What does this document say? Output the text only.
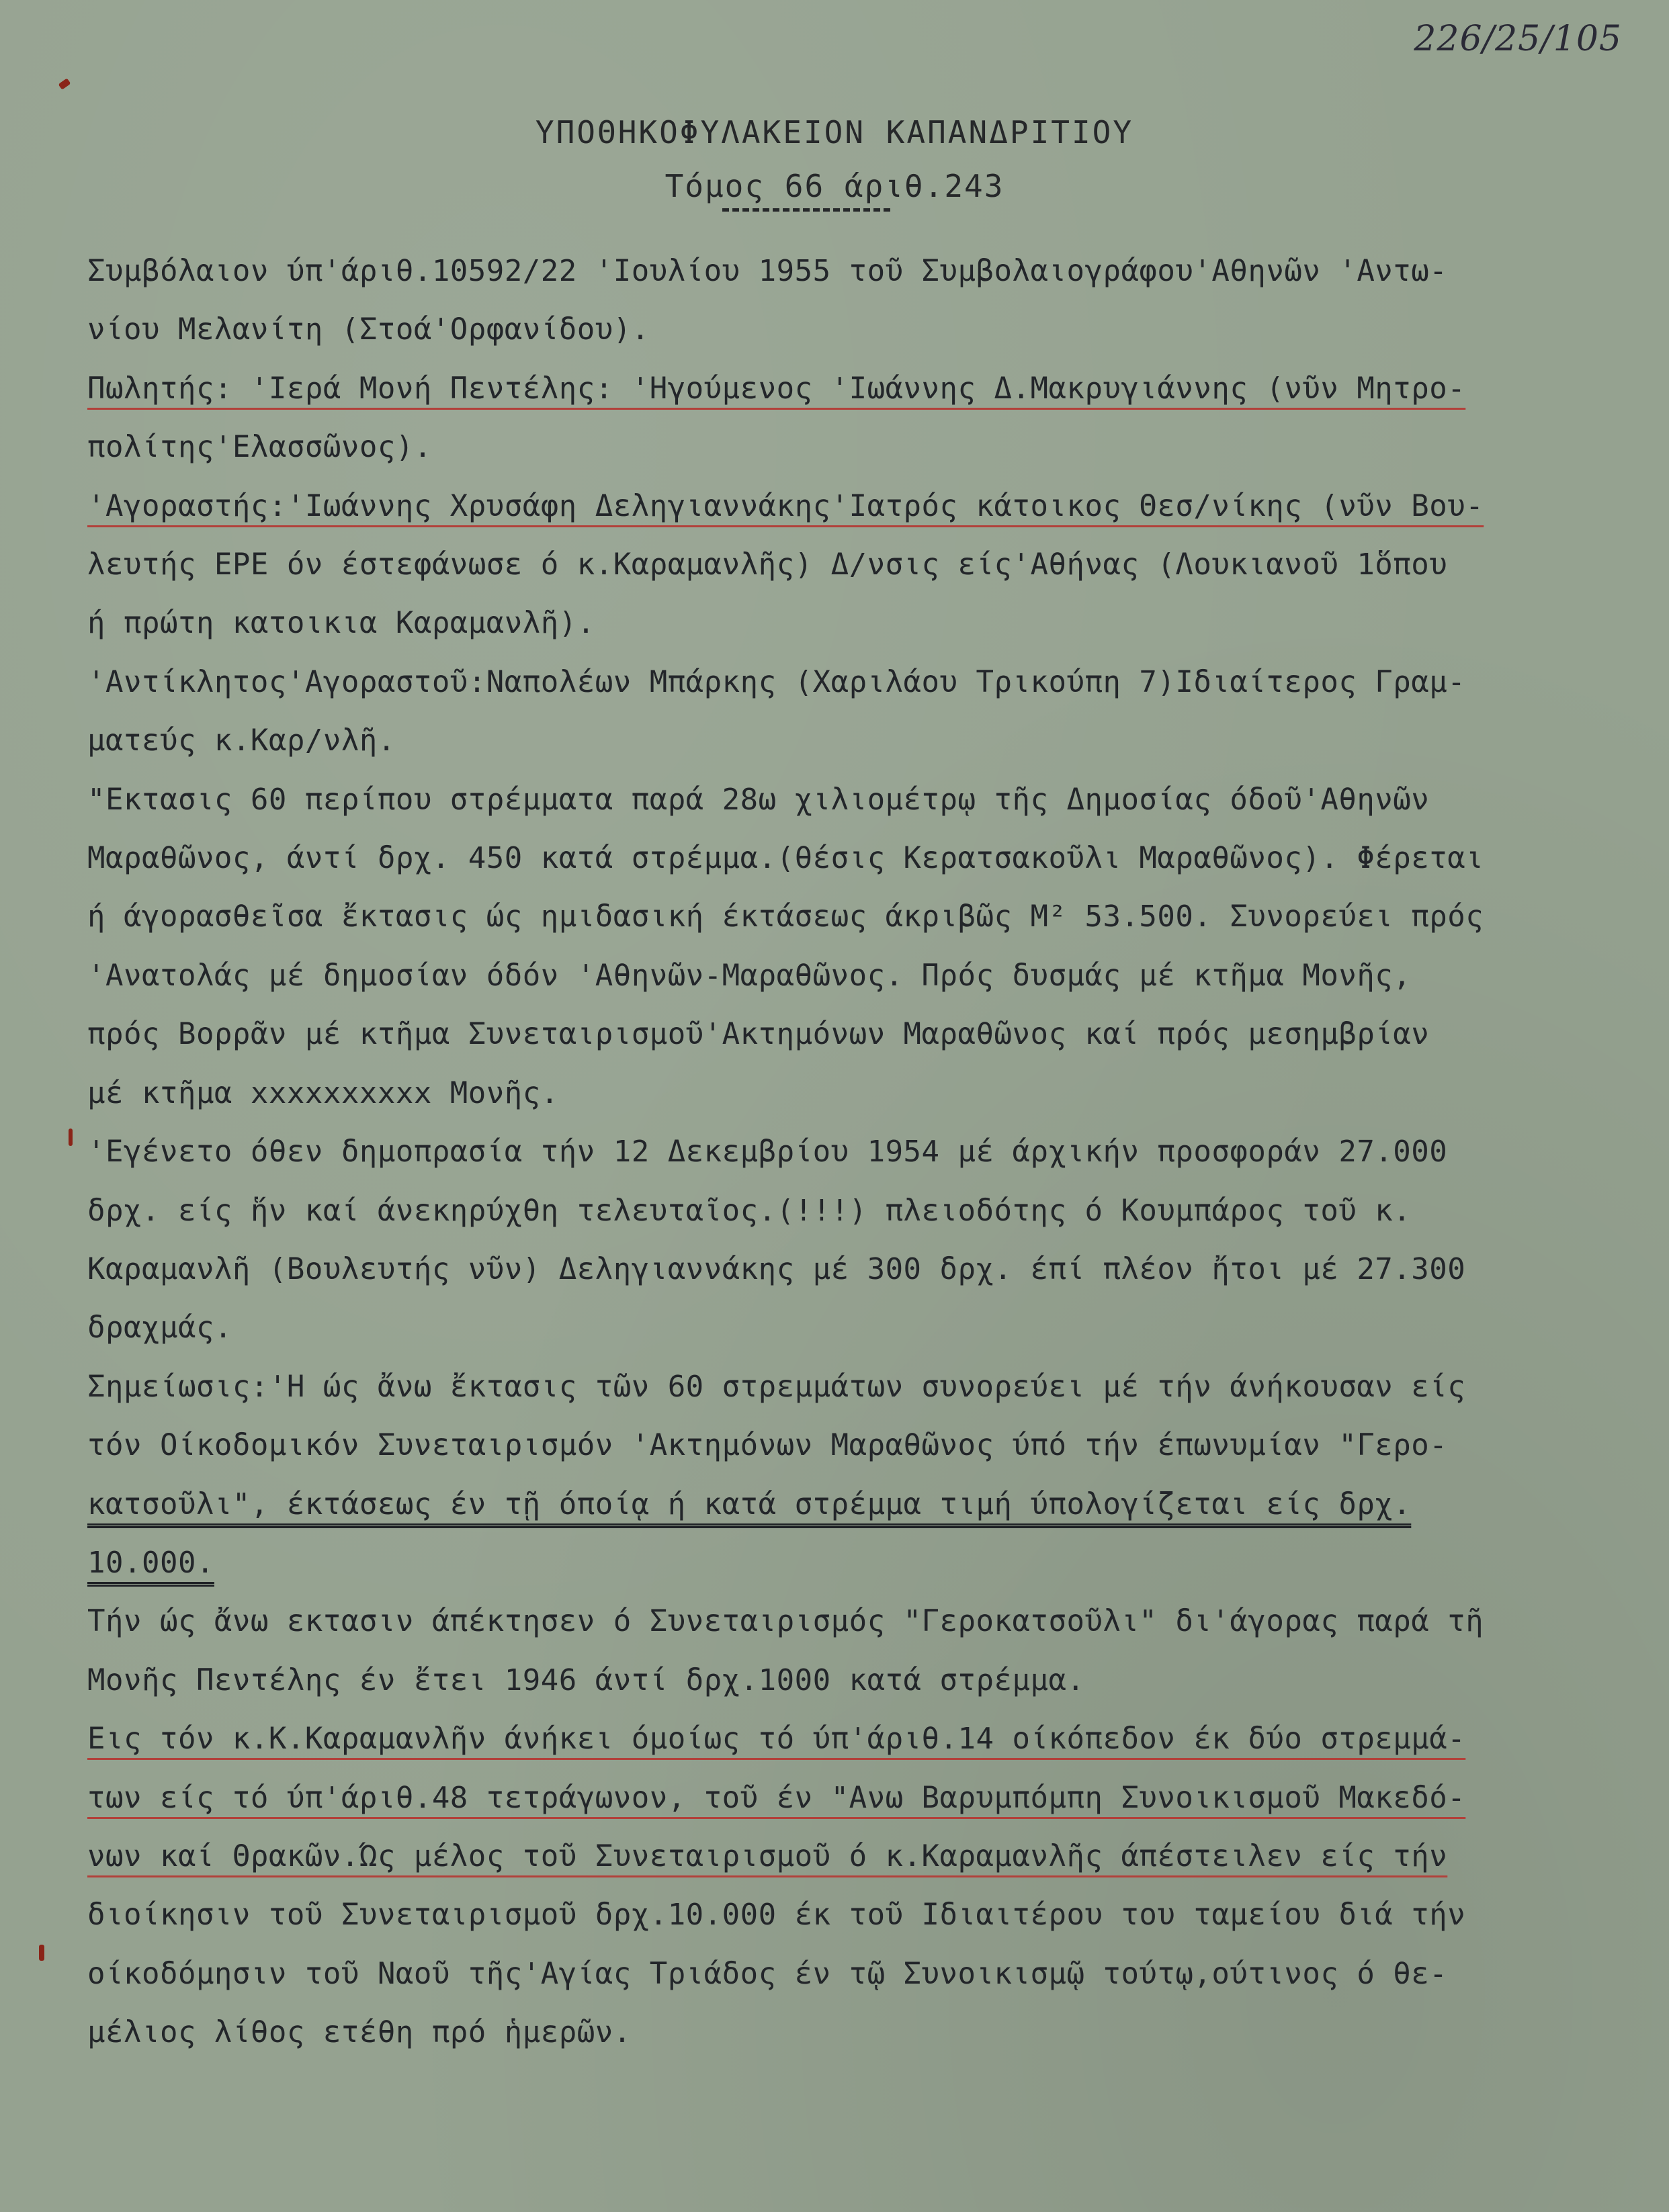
226/25/105
ΥΠΟΘΗΚΟΦΥΛΑΚΕΙΟΝ ΚΑΠΑΝΔΡΙΤΙΟΥ
Τόμος 66 άριθ.243

Συμβόλαιον ύπ'άριθ.10592/22 'Ιουλίου 1955 τοῦ Συμβολαιογράφου'Αθηνῶν 'Αντω-

νίου Μελανίτη (Στοά'Ορφανίδου).

Πωλητής: 'Ιερά Μονή Πεντέλης: 'Ηγούμενος 'Ιωάννης Δ.Μακρυγιάννης (νῦν Μητρο-

πολίτης'Ελασσῶνος).

'Αγοραστής:'Ιωάννης Χρυσάφη Δεληγιαννάκης'Ιατρός κάτοικος Θεσ/νίκης (νῦν Βου-

λευτής ΕΡΕ όν έστεφάνωσε ό κ.Καραμανλῆς) Δ/νσις είς'Αθήνας (Λουκιανοῦ 1ὅπου

ή πρώτη κατοικια Καραμανλῆ).

'Αντίκλητος'Αγοραστοῦ:Ναπολέων Μπάρκης (Χαριλάου Τρικούπη 7)Ιδιαίτερος Γραμ-

ματεύς κ.Καρ/νλῆ.

"Εκτασις 60 περίπου στρέμματα παρά 28ω χιλιομέτρῳ τῆς Δημοσίας όδοῦ'Αθηνῶν

Μαραθῶνος, άντί δρχ. 450 κατά στρέμμα.(θέσις Κερατσακοῦλι Μαραθῶνος). Φέρεται

ή άγορασθεῖσα ἔκτασις ώς ημιδασική έκτάσεως άκριβῶς Μ² 53.500. Συνορεύει πρός

'Ανατολάς μέ δημοσίαν όδόν 'Αθηνῶν-Μαραθῶνος. Πρός δυσμάς μέ κτῆμα Μονῆς,

πρός Βορρᾶν μέ κτῆμα Συνεταιρισμοῦ'Ακτημόνων Μαραθῶνος καί πρός μεσημβρίαν

μέ κτῆμα xxxxxxxxxx Μονῆς.

'Εγένετο όθεν δημοπρασία τήν 12 Δεκεμβρίου 1954 μέ άρχικήν προσφοράν 27.000

δρχ. είς ἥν καί άνεκηρύχθη τελευταῖος.(!!!) πλειοδότης ό Κουμπάρος τοῦ κ.

Καραμανλῆ (Βουλευτής νῦν) Δεληγιαννάκης μέ 300 δρχ. έπί πλέον ἤτοι μέ 27.300

δραχμάς.

Σημείωσις:'Η ώς ἄνω ἔκτασις τῶν 60 στρεμμάτων συνορεύει μέ τήν άνήκουσαν είς

τόν Οίκοδομικόν Συνεταιρισμόν 'Ακτημόνων Μαραθῶνος ύπό τήν έπωνυμίαν "Γερο-

κατσοῦλι", έκτάσεως έν τῇ όποίᾳ ή κατά στρέμμα τιμή ύπολογίζεται είς δρχ.

10.000.

Τήν ώς ἄνω εκτασιν άπέκτησεν ό Συνεταιρισμός "Γεροκατσοῦλι" δι'άγορας παρά τῆ

Μονῆς Πεντέλης έν ἔτει 1946 άντί δρχ.1000 κατά στρέμμα.

Εις τόν κ.Κ.Καραμανλῆν άνήκει όμοίως τό ύπ'άριθ.14 οίκόπεδον έκ δύο στρεμμά-

των είς τό ύπ'άριθ.48 τετράγωνον, τοῦ έν "Ανω Βαρυμπόμπη Συνοικισμοῦ Μακεδό-

νων καί Θρακῶν.Ώς μέλος τοῦ Συνεταιρισμοῦ ό κ.Καραμανλῆς άπέστειλεν είς τήν

διοίκησιν τοῦ Συνεταιρισμοῦ δρχ.10.000 έκ τοῦ Ιδιαιτέρου του ταμείου διά τήν

οίκοδόμησιν τοῦ Ναοῦ τῆς'Αγίας Τριάδος έν τῷ Συνοικισμῷ τούτῳ,ούτινος ό θε-

μέλιος λίθος ετέθη πρό ἡμερῶν.
